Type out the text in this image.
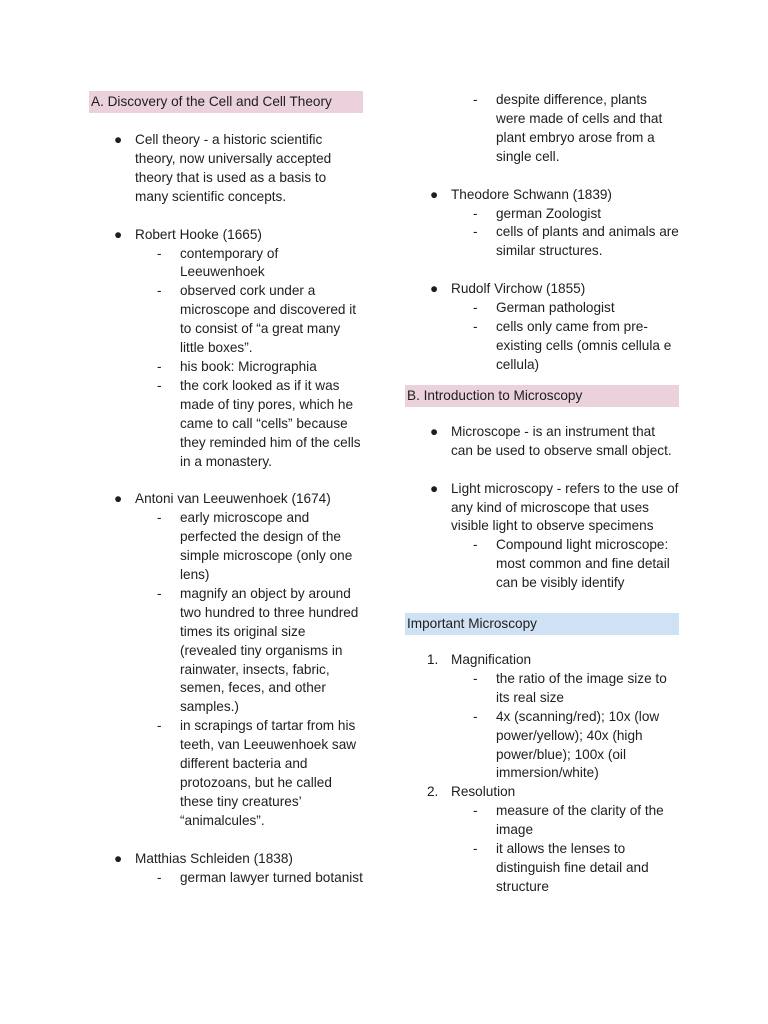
A. Discovery of the Cell and Cell Theory
● Cell theory - a historic scientific theory, now universally accepted theory that is used as a basis to many scientific concepts.
● Robert Hooke (1665)
- contemporary of Leeuwenhoek
- observed cork under a microscope and discovered it to consist of “a great many little boxes”.
- his book: Micrographia
- the cork looked as if it was made of tiny pores, which he came to call “cells” because they reminded him of the cells in a monastery.
● Antoni van Leeuwenhoek (1674)
- early microscope and perfected the design of the simple microscope (only one lens)
- magnify an object by around two hundred to three hundred times its original size (revealed tiny organisms in rainwater, insects, fabric, semen, feces, and other samples.)
- in scrapings of tartar from his teeth, van Leeuwenhoek saw different bacteria and protozoans, but he called these tiny creatures’ “animalcules”.
● Matthias Schleiden (1838)
- german lawyer turned botanist
- despite difference, plants were made of cells and that plant embryo arose from a single cell.
● Theodore Schwann (1839)
- german Zoologist
- cells of plants and animals are similar structures.
● Rudolf Virchow (1855)
- German pathologist
- cells only came from pre-existing cells (omnis cellula e cellula)
B. Introduction to Microscopy
● Microscope - is an instrument that can be used to observe small object.
● Light microscopy - refers to the use of any kind of microscope that uses visible light to observe specimens
- Compound light microscope: most common and fine detail can be visibly identify
Important Microscopy
1. Magnification
- the ratio of the image size to its real size
- 4x (scanning/red); 10x (low power/yellow); 40x (high power/blue); 100x (oil immersion/white)
2. Resolution
- measure of the clarity of the image
- it allows the lenses to distinguish fine detail and structure
